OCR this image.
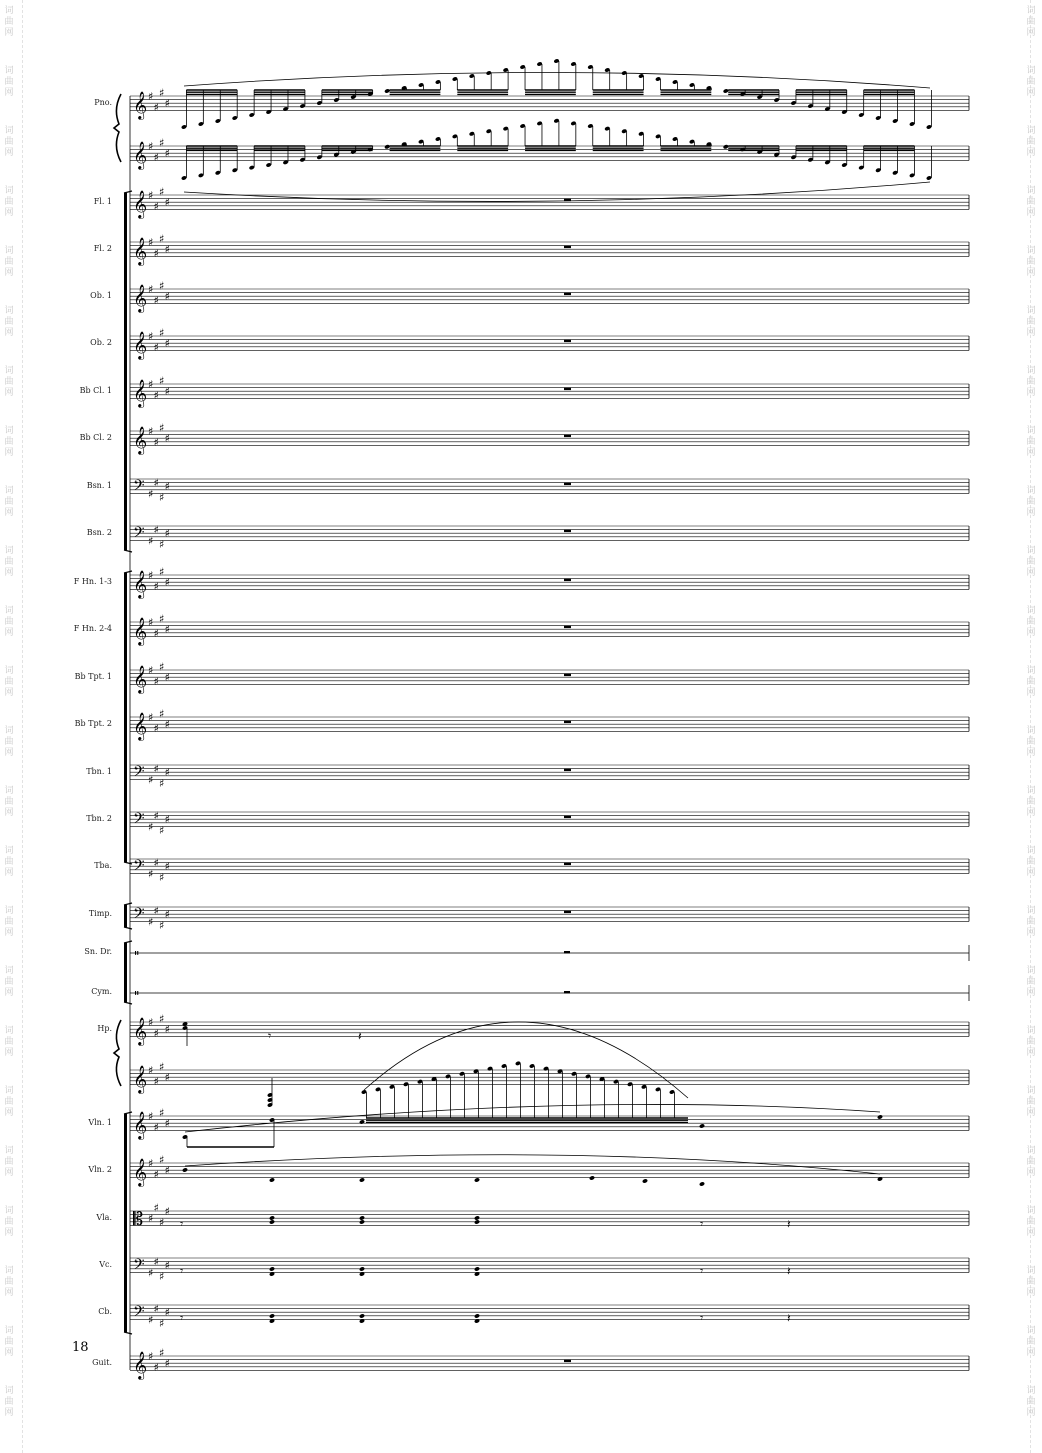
词
曲
网
词
曲
网
词
曲
网
词
曲
网
词
曲
网
词
曲
网
词
曲
网
词
曲
网
词
曲
网
词
曲
网
词
曲
网
词
曲
网
词
曲
网
词
曲
网
词
曲
网
词
曲
网
词
曲
网
词
曲
网
词
曲
网
词
曲
网
词
曲
网
词
曲
网
词
曲
网
词
曲
网
词
曲
网
词
曲
网
词
曲
网
词
曲
网
词
曲
网
词
曲
网
词
曲
网
词
曲
网
词
曲
网
词
曲
网
词
曲
网
词
曲
网
词
曲
网
词
曲
网
词
曲
网
词
曲
网
词
曲
网
词
曲
网
词
曲
网
词
曲
网
词
曲
网
词
曲
网
词
曲
网
词
曲
网
𝄞 ♯
♯
♯
♯
Pno.
𝄞 ♯
♯
♯
♯
𝄞 ♯
♯
♯
♯
Fl. 1
𝄞 ♯
♯
♯
♯
Fl. 2
𝄞 ♯
♯
♯
♯
Ob. 1
𝄞 ♯
♯
♯
♯
Ob. 2
𝄞 ♯
♯
♯
♯
Bb Cl. 1
𝄞 ♯
♯
♯
♯
Bb Cl. 2
𝄢 ♯
♯
♯
♯
Bsn. 1
𝄢 ♯
♯
♯
♯
Bsn. 2
𝄞 ♯
♯
♯
♯
F Hn. 1-3
𝄞 ♯
♯
♯
♯
F Hn. 2-4
𝄞 ♯
♯
♯
♯
Bb Tpt. 1
𝄞 ♯
♯
♯
♯
Bb Tpt. 2
𝄢 ♯
♯
♯
♯
Tbn. 1
𝄢 ♯
♯
♯
♯
Tbn. 2
𝄢 ♯
♯
♯
♯
Tba.
𝄢 ♯
♯
♯
♯
Timp.
𝄥
Sn. Dr.
𝄥
Cym.
𝄞 ♯
♯
♯
♯
Hp.
𝄞 ♯
♯
♯
♯
𝄞 ♯
♯
♯
♯
Vln. 1
𝄞 ♯
♯
♯
♯
Vln. 2
𝄡 ♯
♯
♯
♯
Vla.
𝄢 ♯
♯
♯
♯
Vc.
𝄢 ♯
♯
♯
♯
Cb.
𝄞 ♯
♯
♯
♯
Guit.
𝄾	𝄽
𝄾	𝄾	𝄽
𝄾	𝄾	𝄽
𝄾	𝄾	𝄽
18
